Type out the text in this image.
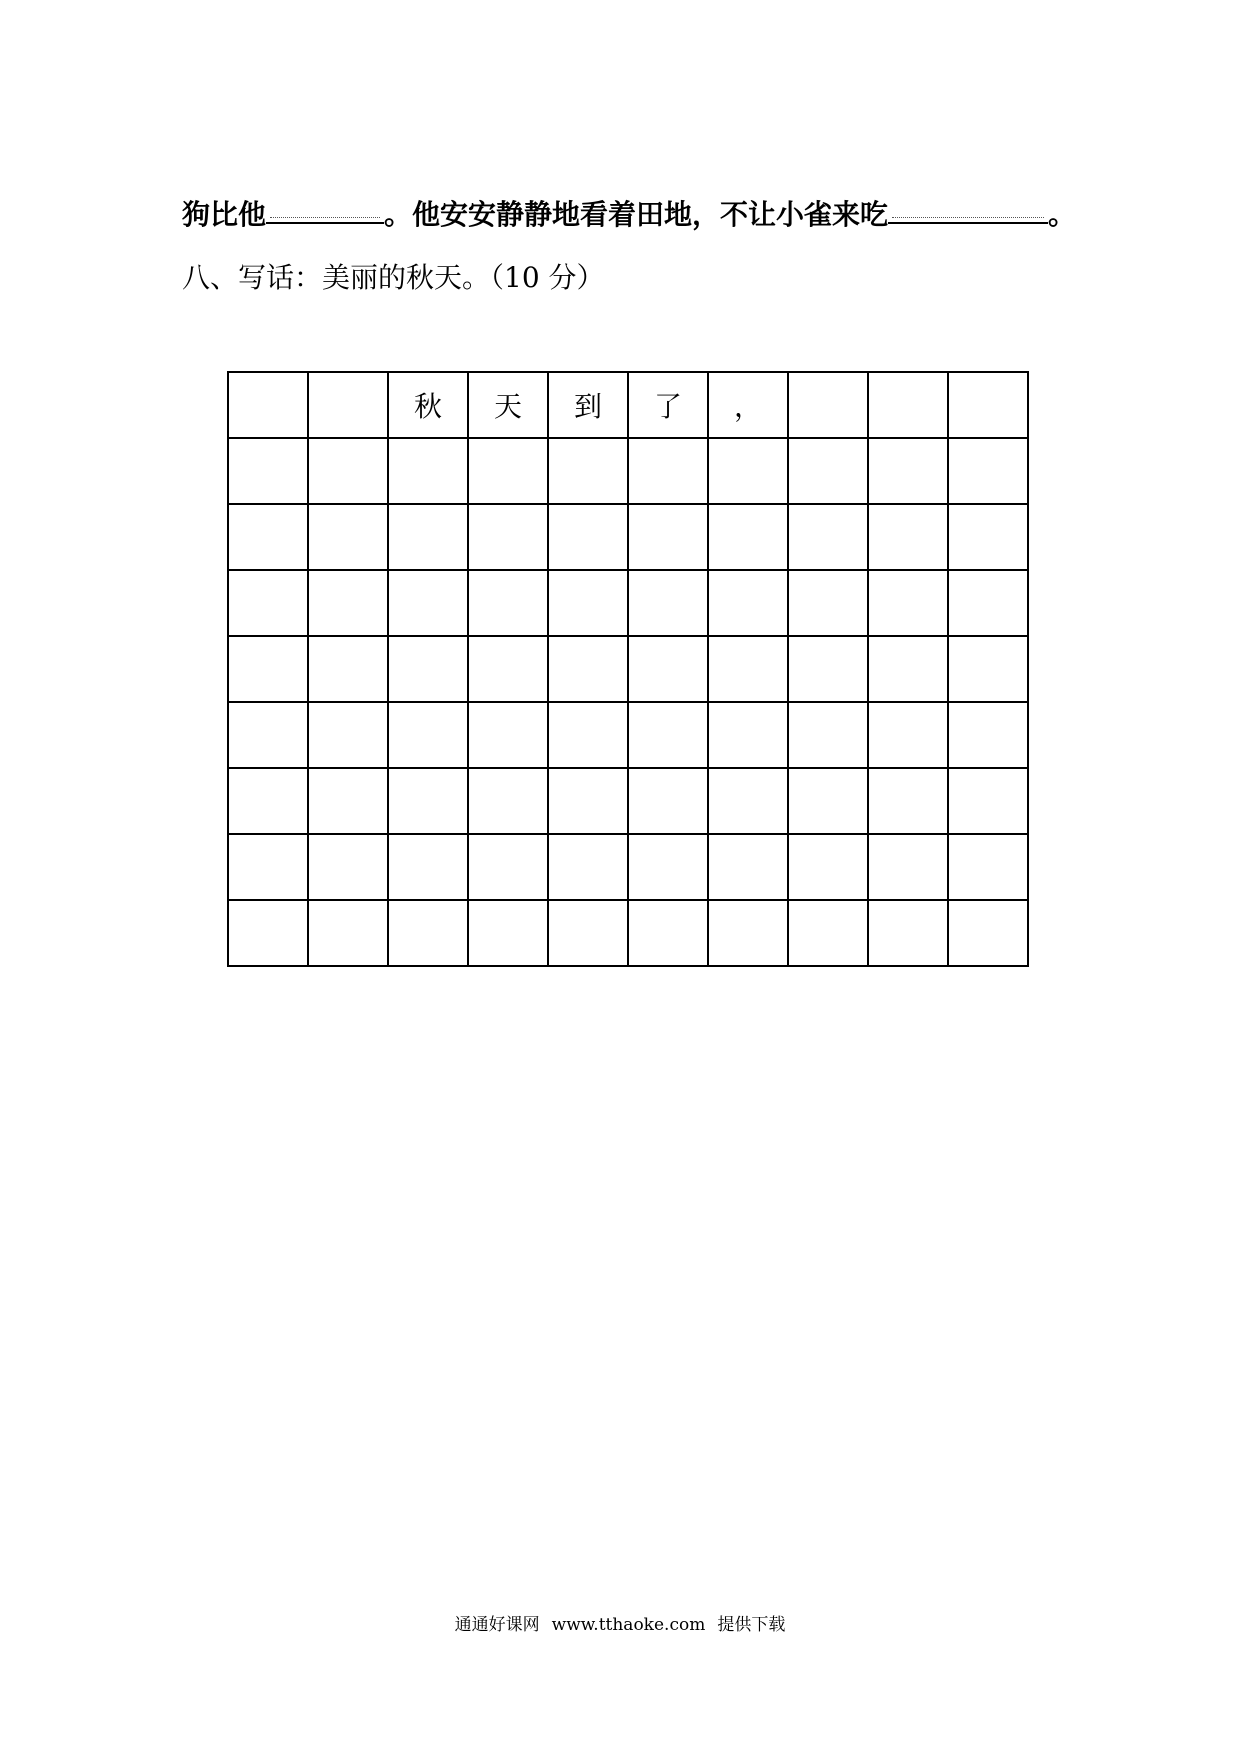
狗比他	。他安安静静地看着田地，不让小雀来吃	。
八、写话：美丽的秋天。（10 分）
		秋	天	到	了	，			

通通好课网 www.tthaoke.com 提供下载
